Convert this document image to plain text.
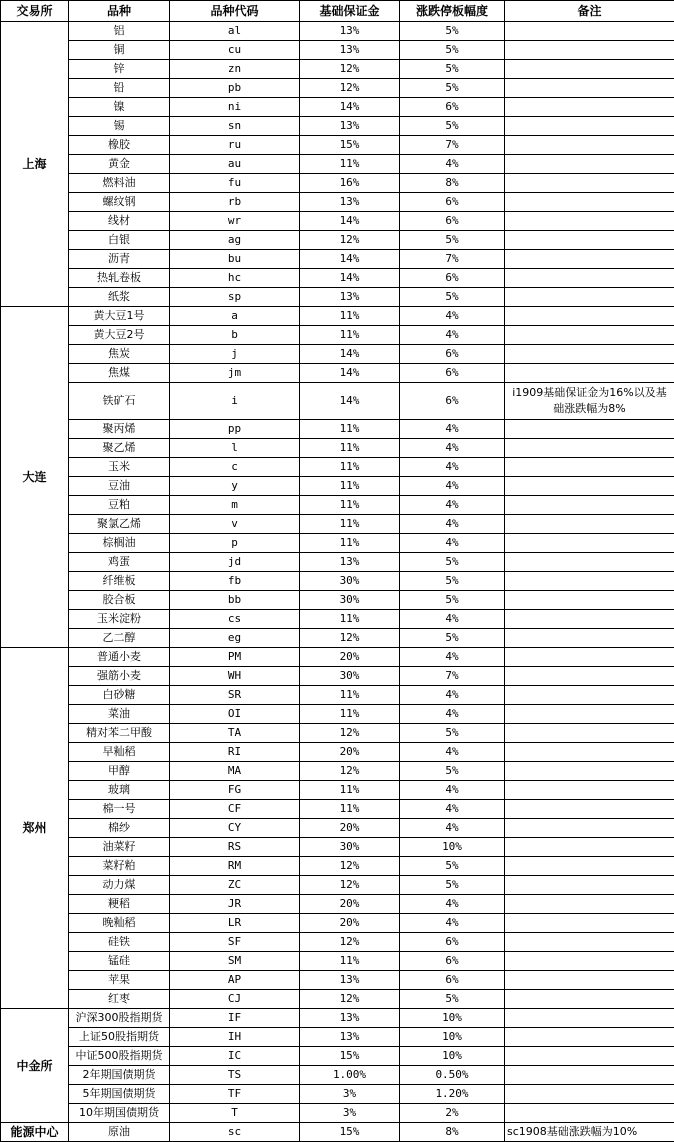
交易所	品种	品种代码	基础保证金	涨跌停板幅度	备注
上海	铝	al	13%	5%	
	铜	cu	13%	5%	
	锌	zn	12%	5%	
	铅	pb	12%	5%	
	镍	ni	14%	6%	
	锡	sn	13%	5%	
	橡胶	ru	15%	7%	
	黄金	au	11%	4%	
	燃料油	fu	16%	8%	
	螺纹钢	rb	13%	6%	
	线材	wr	14%	6%	
	白银	ag	12%	5%	
	沥青	bu	14%	7%	
	热轧卷板	hc	14%	6%	
	纸浆	sp	13%	5%	
大连	黄大豆1号	a	11%	4%	
	黄大豆2号	b	11%	4%	
	焦炭	j	14%	6%	
	焦煤	jm	14%	6%	
	铁矿石	i	14%	6%	i1909基础保证金为16%以及基础涨跌幅为8%
	聚丙烯	pp	11%	4%	
	聚乙烯	l	11%	4%	
	玉米	c	11%	4%	
	豆油	y	11%	4%	
	豆粕	m	11%	4%	
	聚氯乙烯	v	11%	4%	
	棕榈油	p	11%	4%	
	鸡蛋	jd	13%	5%	
	纤维板	fb	30%	5%	
	胶合板	bb	30%	5%	
	玉米淀粉	cs	11%	4%	
	乙二醇	eg	12%	5%	
郑州	普通小麦	PM	20%	4%	
	强筋小麦	WH	30%	7%	
	白砂糖	SR	11%	4%	
	菜油	OI	11%	4%	
	精对苯二甲酸	TA	12%	5%	
	早籼稻	RI	20%	4%	
	甲醇	MA	12%	5%	
	玻璃	FG	11%	4%	
	棉一号	CF	11%	4%	
	棉纱	CY	20%	4%	
	油菜籽	RS	30%	10%	
	菜籽粕	RM	12%	5%	
	动力煤	ZC	12%	5%	
	粳稻	JR	20%	4%	
	晚籼稻	LR	20%	4%	
	硅铁	SF	12%	6%	
	锰硅	SM	11%	6%	
	苹果	AP	13%	6%	
	红枣	CJ	12%	5%	
中金所	沪深300股指期货	IF	13%	10%	
	上证50股指期货	IH	13%	10%	
	中证500股指期货	IC	15%	10%	
	2年期国债期货	TS	1.00%	0.50%	
	5年期国债期货	TF	3%	1.20%	
	10年期国债期货	T	3%	2%	
能源中心	原油	sc	15%	8%	sc1908基础涨跌幅为10%
